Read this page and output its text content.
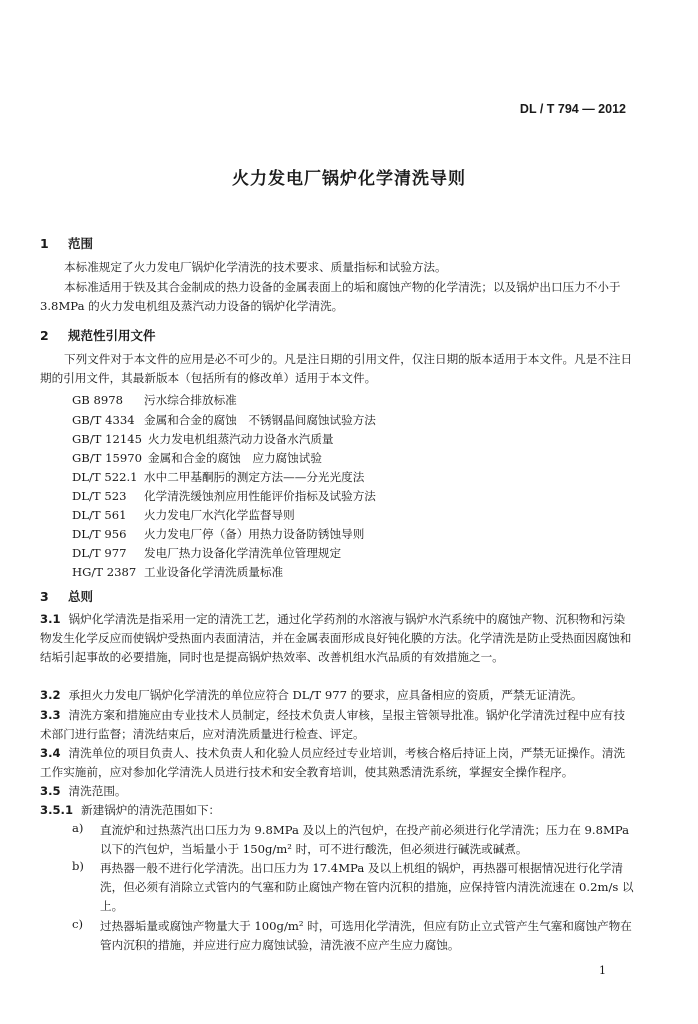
DL / T 794 — 2012
火力发电厂锅炉化学清洗导则
1 范围
本标准规定了火力发电厂锅炉化学清洗的技术要求、质量指标和试验方法。
本标准适用于铁及其合金制成的热力设备的金属表面上的垢和腐蚀产物的化学清洗；以及锅炉出口压力不小于 3.8MPa 的火力发电机组及蒸汽动力设备的锅炉化学清洗。
2 规范性引用文件
下列文件对于本文件的应用是必不可少的。凡是注日期的引用文件，仅注日期的版本适用于本文件。凡是不注日期的引用文件，其最新版本（包括所有的修改单）适用于本文件。
GB 8978 污水综合排放标准
GB/T 4334 金属和合金的腐蚀　不锈钢晶间腐蚀试验方法
GB/T 12145 火力发电机组蒸汽动力设备水汽质量
GB/T 15970 金属和合金的腐蚀　应力腐蚀试验
DL/T 522.1 水中二甲基酮肟的测定方法——分光光度法
DL/T 523 化学清洗缓蚀剂应用性能评价指标及试验方法
DL/T 561 火力发电厂水汽化学监督导则
DL/T 956 火力发电厂停（备）用热力设备防锈蚀导则
DL/T 977 发电厂热力设备化学清洗单位管理规定
HG/T 2387 工业设备化学清洗质量标准
3 总则
3.1 锅炉化学清洗是指采用一定的清洗工艺，通过化学药剂的水溶液与锅炉水汽系统中的腐蚀产物、沉积物和污染物发生化学反应而使锅炉受热面内表面清洁，并在金属表面形成良好钝化膜的方法。化学清洗是防止受热面因腐蚀和结垢引起事故的必要措施，同时也是提高锅炉热效率、改善机组水汽品质的有效措施之一。
3.2 承担火力发电厂锅炉化学清洗的单位应符合 DL/T 977 的要求，应具备相应的资质，严禁无证清洗。
3.3 清洗方案和措施应由专业技术人员制定，经技术负责人审核，呈报主管领导批准。锅炉化学清洗过程中应有技术部门进行监督；清洗结束后，应对清洗质量进行检查、评定。
3.4 清洗单位的项目负责人、技术负责人和化验人员应经过专业培训，考核合格后持证上岗，严禁无证操作。清洗工作实施前，应对参加化学清洗人员进行技术和安全教育培训，使其熟悉清洗系统，掌握安全操作程序。
3.5 清洗范围。
3.5.1 新建锅炉的清洗范围如下：
a) 直流炉和过热蒸汽出口压力为 9.8MPa 及以上的汽包炉，在投产前必须进行化学清洗；压力在 9.8MPa 以下的汽包炉，当垢量小于 150g/m² 时，可不进行酸洗，但必须进行碱洗或碱煮。
b) 再热器一般不进行化学清洗。出口压力为 17.4MPa 及以上机组的锅炉，再热器可根据情况进行化学清洗，但必须有消除立式管内的气塞和防止腐蚀产物在管内沉积的措施，应保持管内清洗流速在 0.2m/s 以上。
c) 过热器垢量或腐蚀产物量大于 100g/m² 时，可选用化学清洗，但应有防止立式管产生气塞和腐蚀产物在管内沉积的措施，并应进行应力腐蚀试验，清洗液不应产生应力腐蚀。
1
